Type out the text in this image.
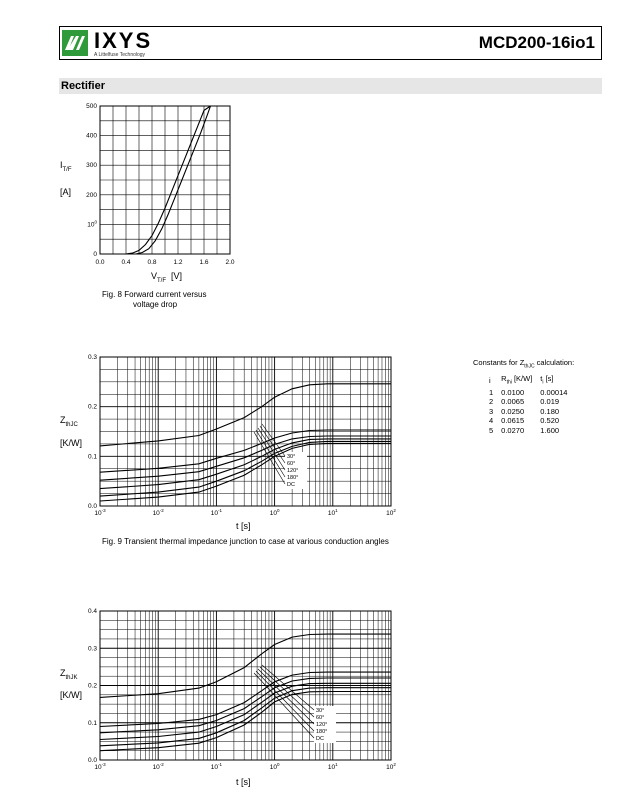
IXYS
A Littelfuse Technology
MCD200-16io1
Rectifier
$I_{T/F}$
[A]
$V_{T/F}$ [V]
Fig. 8 Forward current versus
voltage drop
$Z_{thJC}$
[K/W]
t [s]
Fig. 9 Transient thermal impedance junction to case at various conduction angles
$Z_{thJK}$
[K/W]
t [s]
Constants for $Z_{thJC}$ calculation:
i	$R_{thi}$ [K/W]	$t_i$ [s]
1	0.0100	0.00014
2	0.0065	0.019
3	0.0250	0.180
4	0.0615	0.520
5	0.0270	1.600
0.0	0.4	0.8	1.2	1.6	2.0
0
$10^0$
200
300
400
500
$10^{-3}$	$10^{-2}$	$10^{-1}$	$10^0$	$10^1$	$10^2$
0.0
0.1
0.2
0.3
30°
60°
120°
180°
DC
$10^{-3}$	$10^{-2}$	$10^{-1}$	$10^0$	$10^1$	$10^2$
0.0
0.1
0.2
0.3
0.4
30°
60°
120°
180°
DC
